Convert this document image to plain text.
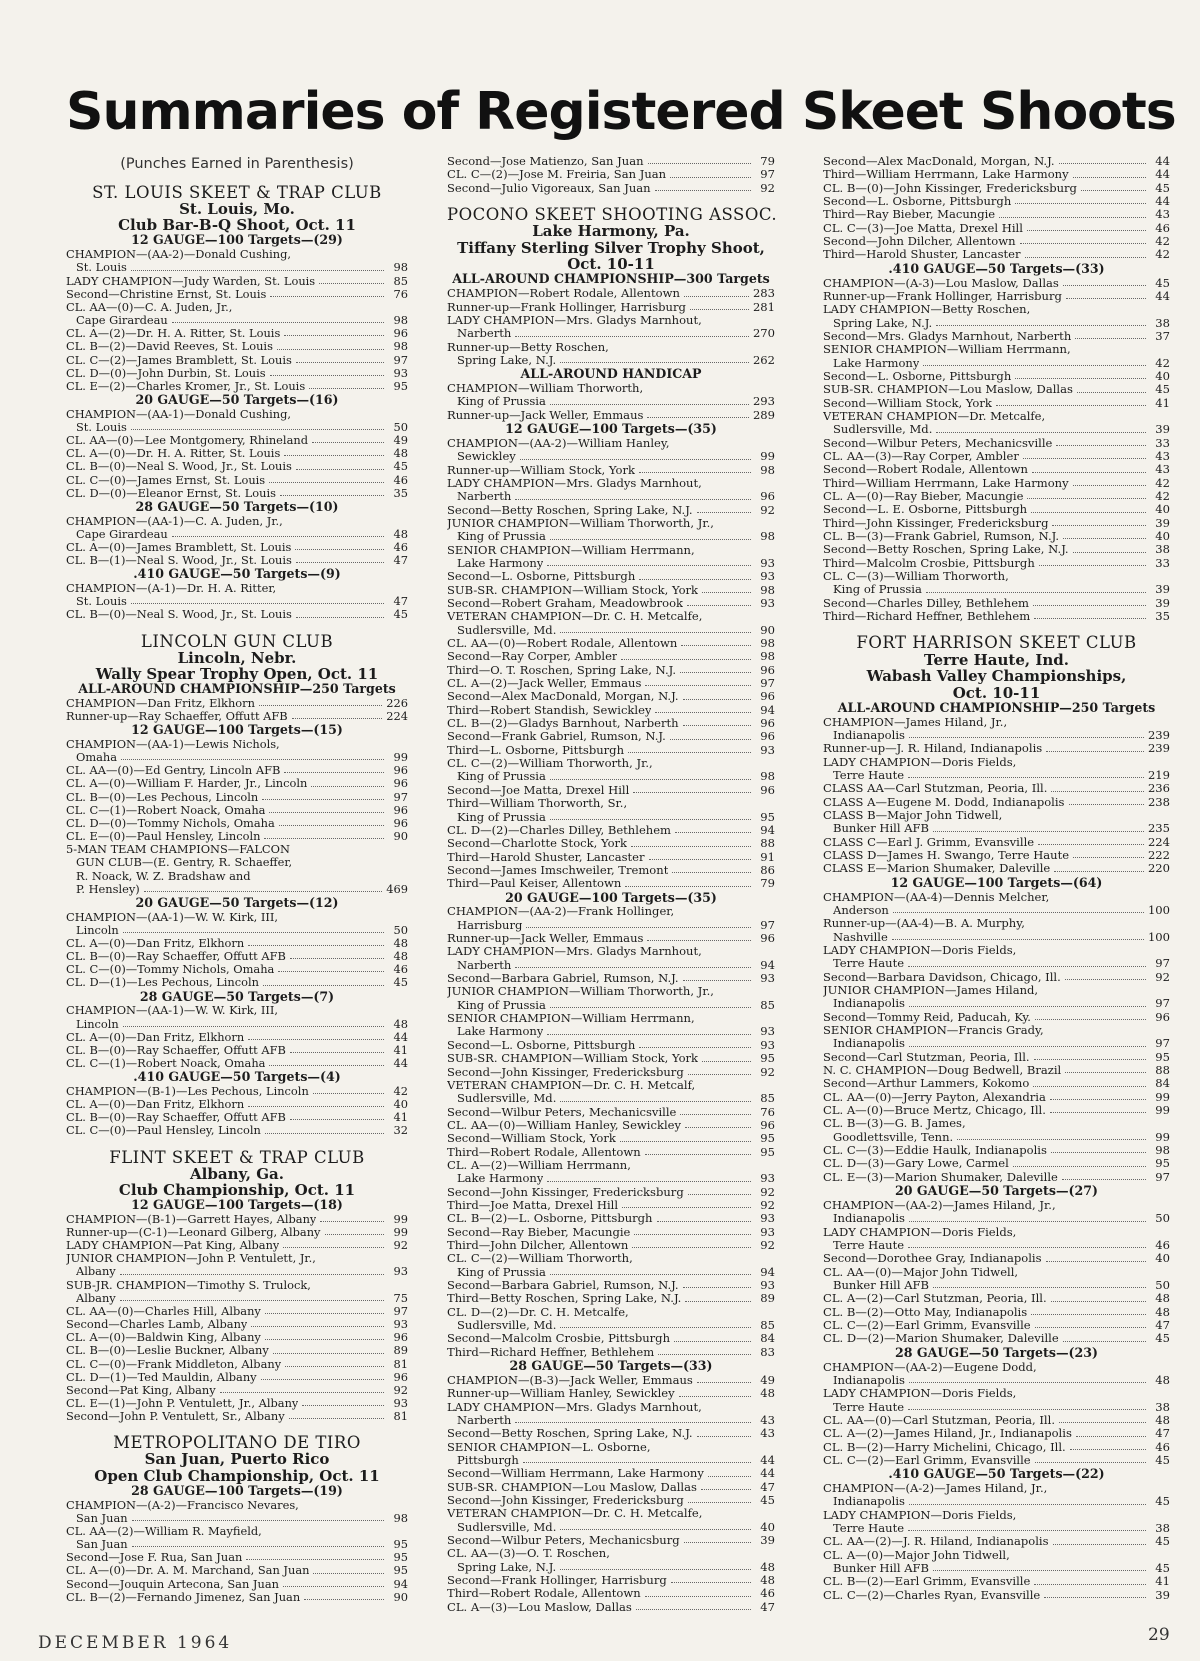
Summaries of Registered Skeet Shoots
(Punches Earned in Parenthesis)
ST. LOUIS SKEET & TRAP CLUB
St. Louis, Mo.
Club Bar-B-Q Shoot, Oct. 11
12 GAUGE—100 Targets—(29)
CHAMPION—(AA-2)—Donald Cushing,
St. Louis	98
LADY CHAMPION—Judy Warden, St. Louis	85
Second—Christine Ernst, St. Louis	76
CL. AA—(0)—C. A. Juden, Jr.,
Cape Girardeau	98
CL. A—(2)—Dr. H. A. Ritter, St. Louis	96
CL. B—(2)—David Reeves, St. Louis	98
CL. C—(2)—James Bramblett, St. Louis	97
CL. D—(0)—John Durbin, St. Louis	93
CL. E—(2)—Charles Kromer, Jr., St. Louis	95
20 GAUGE—50 Targets—(16)
CHAMPION—(AA-1)—Donald Cushing,
St. Louis	50
CL. AA—(0)—Lee Montgomery, Rhineland	49
CL. A—(0)—Dr. H. A. Ritter, St. Louis	48
CL. B—(0)—Neal S. Wood, Jr., St. Louis	45
CL. C—(0)—James Ernst, St. Louis	46
CL. D—(0)—Eleanor Ernst, St. Louis	35
28 GAUGE—50 Targets—(10)
CHAMPION—(AA-1)—C. A. Juden, Jr.,
Cape Girardeau	48
CL. A—(0)—James Bramblett, St. Louis	46
CL. B—(1)—Neal S. Wood, Jr., St. Louis	47
.410 GAUGE—50 Targets—(9)
CHAMPION—(A-1)—Dr. H. A. Ritter,
St. Louis	47
CL. B—(0)—Neal S. Wood, Jr., St. Louis	45
LINCOLN GUN CLUB
Lincoln, Nebr.
Wally Spear Trophy Open, Oct. 11
ALL-AROUND CHAMPIONSHIP—250 Targets
CHAMPION—Dan Fritz, Elkhorn	226
Runner-up—Ray Schaeffer, Offutt AFB	224
12 GAUGE—100 Targets—(15)
CHAMPION—(AA-1)—Lewis Nichols,
Omaha	99
CL. AA—(0)—Ed Gentry, Lincoln AFB	96
CL. A—(0)—William F. Harder, Jr., Lincoln	96
CL. B—(0)—Les Pechous, Lincoln	97
CL. C—(1)—Robert Noack, Omaha	96
CL. D—(0)—Tommy Nichols, Omaha	96
CL. E—(0)—Paul Hensley, Lincoln	90
5-MAN TEAM CHAMPIONS—FALCON
GUN CLUB—(E. Gentry, R. Schaeffer,
R. Noack, W. Z. Bradshaw and
P. Hensley)	469
20 GAUGE—50 Targets—(12)
CHAMPION—(AA-1)—W. W. Kirk, III,
Lincoln	50
CL. A—(0)—Dan Fritz, Elkhorn	48
CL. B—(0)—Ray Schaeffer, Offutt AFB	48
CL. C—(0)—Tommy Nichols, Omaha	46
CL. D—(1)—Les Pechous, Lincoln	45
28 GAUGE—50 Targets—(7)
CHAMPION—(AA-1)—W. W. Kirk, III,
Lincoln	48
CL. A—(0)—Dan Fritz, Elkhorn	44
CL. B—(0)—Ray Schaeffer, Offutt AFB	41
CL. C—(1)—Robert Noack, Omaha	44
.410 GAUGE—50 Targets—(4)
CHAMPION—(B-1)—Les Pechous, Lincoln	42
CL. A—(0)—Dan Fritz, Elkhorn	40
CL. B—(0)—Ray Schaeffer, Offutt AFB	41
CL. C—(0)—Paul Hensley, Lincoln	32
FLINT SKEET & TRAP CLUB
Albany, Ga.
Club Championship, Oct. 11
12 GAUGE—100 Targets—(18)
CHAMPION—(B-1)—Garrett Hayes, Albany	99
Runner-up—(C-1)—Leonard Gilberg, Albany	99
LADY CHAMPION—Pat King, Albany	92
JUNIOR CHAMPION—John P. Ventulett, Jr.,
Albany	93
SUB-JR. CHAMPION—Timothy S. Trulock,
Albany	75
CL. AA—(0)—Charles Hill, Albany	97
Second—Charles Lamb, Albany	93
CL. A—(0)—Baldwin King, Albany	96
CL. B—(0)—Leslie Buckner, Albany	89
CL. C—(0)—Frank Middleton, Albany	81
CL. D—(1)—Ted Mauldin, Albany	96
Second—Pat King, Albany	92
CL. E—(1)—John P. Ventulett, Jr., Albany	93
Second—John P. Ventulett, Sr., Albany	81
METROPOLITANO DE TIRO
San Juan, Puerto Rico
Open Club Championship, Oct. 11
28 GAUGE—100 Targets—(19)
CHAMPION—(A-2)—Francisco Nevares,
San Juan	98
CL. AA—(2)—William R. Mayfield,
San Juan	95
Second—Jose F. Rua, San Juan	95
CL. A—(0)—Dr. A. M. Marchand, San Juan	95
Second—Jouquin Artecona, San Juan	94
CL. B—(2)—Fernando Jimenez, San Juan	90
Second—Jose Matienzo, San Juan	79
CL. C—(2)—Jose M. Freiria, San Juan	97
Second—Julio Vigoreaux, San Juan	92
POCONO SKEET SHOOTING ASSOC.
Lake Harmony, Pa.
Tiffany Sterling Silver Trophy Shoot,
Oct. 10-11
ALL-AROUND CHAMPIONSHIP—300 Targets
CHAMPION—Robert Rodale, Allentown	283
Runner-up—Frank Hollinger, Harrisburg	281
LADY CHAMPION—Mrs. Gladys Marnhout,
Narberth	270
Runner-up—Betty Roschen,
Spring Lake, N.J.	262
ALL-AROUND HANDICAP
CHAMPION—William Thorworth,
King of Prussia	293
Runner-up—Jack Weller, Emmaus	289
12 GAUGE—100 Targets—(35)
CHAMPION—(AA-2)—William Hanley,
Sewickley	99
Runner-up—William Stock, York	98
LADY CHAMPION—Mrs. Gladys Marnhout,
Narberth	96
Second—Betty Roschen, Spring Lake, N.J.	92
JUNIOR CHAMPION—William Thorworth, Jr.,
King of Prussia	98
SENIOR CHAMPION—William Herrmann,
Lake Harmony	93
Second—L. Osborne, Pittsburgh	93
SUB-SR. CHAMPION—William Stock, York	98
Second—Robert Graham, Meadowbrook	93
VETERAN CHAMPION—Dr. C. H. Metcalfe,
Sudlersville, Md.	90
CL. AA—(0)—Robert Rodale, Allentown	98
Second—Ray Corper, Ambler	98
Third—O. T. Roschen, Spring Lake, N.J.	96
CL. A—(2)—Jack Weller, Emmaus	97
Second—Alex MacDonald, Morgan, N.J.	96
Third—Robert Standish, Sewickley	94
CL. B—(2)—Gladys Barnhout, Narberth	96
Second—Frank Gabriel, Rumson, N.J.	96
Third—L. Osborne, Pittsburgh	93
CL. C—(2)—William Thorworth, Jr.,
King of Prussia	98
Second—Joe Matta, Drexel Hill	96
Third—William Thorworth, Sr.,
King of Prussia	95
CL. D—(2)—Charles Dilley, Bethlehem	94
Second—Charlotte Stock, York	88
Third—Harold Shuster, Lancaster	91
Second—James Imschweiler, Tremont	86
Third—Paul Keiser, Allentown	79
20 GAUGE—100 Targets—(35)
CHAMPION—(AA-2)—Frank Hollinger,
Harrisburg	97
Runner-up—Jack Weller, Emmaus	96
LADY CHAMPION—Mrs. Gladys Marnhout,
Narberth	94
Second—Barbara Gabriel, Rumson, N.J.	93
JUNIOR CHAMPION—William Thorworth, Jr.,
King of Prussia	85
SENIOR CHAMPION—William Herrmann,
Lake Harmony	93
Second—L. Osborne, Pittsburgh	93
SUB-SR. CHAMPION—William Stock, York	95
Second—John Kissinger, Fredericksburg	92
VETERAN CHAMPION—Dr. C. H. Metcalf,
Sudlersville, Md.	85
Second—Wilbur Peters, Mechanicsville	76
CL. AA—(0)—William Hanley, Sewickley	96
Second—William Stock, York	95
Third—Robert Rodale, Allentown	95
CL. A—(2)—William Herrmann,
Lake Harmony	93
Second—John Kissinger, Fredericksburg	92
Third—Joe Matta, Drexel Hill	92
CL. B—(2)—L. Osborne, Pittsburgh	93
Second—Ray Bieber, Macungie	93
Third—John Dilcher, Allentown	92
CL. C—(2)—William Thorworth,
King of Prussia	94
Second—Barbara Gabriel, Rumson, N.J.	93
Third—Betty Roschen, Spring Lake, N.J.	89
CL. D—(2)—Dr. C. H. Metcalfe,
Sudlersville, Md.	85
Second—Malcolm Crosbie, Pittsburgh	84
Third—Richard Heffner, Bethlehem	83
28 GAUGE—50 Targets—(33)
CHAMPION—(B-3)—Jack Weller, Emmaus	49
Runner-up—William Hanley, Sewickley	48
LADY CHAMPION—Mrs. Gladys Marnhout,
Narberth	43
Second—Betty Roschen, Spring Lake, N.J.	43
SENIOR CHAMPION—L. Osborne,
Pittsburgh	44
Second—William Herrmann, Lake Harmony	44
SUB-SR. CHAMPION—Lou Maslow, Dallas	47
Second—John Kissinger, Fredericksburg	45
VETERAN CHAMPION—Dr. C. H. Metcalfe,
Sudlersville, Md.	40
Second—Wilbur Peters, Mechanicsburg	39
CL. AA—(3)—O. T. Roschen,
Spring Lake, N.J.	48
Second—Frank Hollinger, Harrisburg	48
Third—Robert Rodale, Allentown	46
CL. A—(3)—Lou Maslow, Dallas	47
Second—Alex MacDonald, Morgan, N.J.	44
Third—William Herrmann, Lake Harmony	44
CL. B—(0)—John Kissinger, Fredericksburg	45
Second—L. Osborne, Pittsburgh	44
Third—Ray Bieber, Macungie	43
CL. C—(3)—Joe Matta, Drexel Hill	46
Second—John Dilcher, Allentown	42
Third—Harold Shuster, Lancaster	42
.410 GAUGE—50 Targets—(33)
CHAMPION—(A-3)—Lou Maslow, Dallas	45
Runner-up—Frank Hollinger, Harrisburg	44
LADY CHAMPION—Betty Roschen,
Spring Lake, N.J.	38
Second—Mrs. Gladys Marnhout, Narberth	37
SENIOR CHAMPION—William Herrmann,
Lake Harmony	42
Second—L. Osborne, Pittsburgh	40
SUB-SR. CHAMPION—Lou Maslow, Dallas	45
Second—William Stock, York	41
VETERAN CHAMPION—Dr. Metcalfe,
Sudlersville, Md.	39
Second—Wilbur Peters, Mechanicsville	33
CL. AA—(3)—Ray Corper, Ambler	43
Second—Robert Rodale, Allentown	43
Third—William Herrmann, Lake Harmony	42
CL. A—(0)—Ray Bieber, Macungie	42
Second—L. E. Osborne, Pittsburgh	40
Third—John Kissinger, Fredericksburg	39
CL. B—(3)—Frank Gabriel, Rumson, N.J.	40
Second—Betty Roschen, Spring Lake, N.J.	38
Third—Malcolm Crosbie, Pittsburgh	33
CL. C—(3)—William Thorworth,
King of Prussia	39
Second—Charles Dilley, Bethlehem	39
Third—Richard Heffner, Bethlehem	35
FORT HARRISON SKEET CLUB
Terre Haute, Ind.
Wabash Valley Championships,
Oct. 10-11
ALL-AROUND CHAMPIONSHIP—250 Targets
CHAMPION—James Hiland, Jr.,
Indianapolis	239
Runner-up—J. R. Hiland, Indianapolis	239
LADY CHAMPION—Doris Fields,
Terre Haute	219
CLASS AA—Carl Stutzman, Peoria, Ill.	236
CLASS A—Eugene M. Dodd, Indianapolis	238
CLASS B—Major John Tidwell,
Bunker Hill AFB	235
CLASS C—Earl J. Grimm, Evansville	224
CLASS D—James H. Swango, Terre Haute	222
CLASS E—Marion Shumaker, Daleville	220
12 GAUGE—100 Targets—(64)
CHAMPION—(AA-4)—Dennis Melcher,
Anderson	100
Runner-up—(AA-4)—B. A. Murphy,
Nashville	100
LADY CHAMPION—Doris Fields,
Terre Haute	97
Second—Barbara Davidson, Chicago, Ill.	92
JUNIOR CHAMPION—James Hiland,
Indianapolis	97
Second—Tommy Reid, Paducah, Ky.	96
SENIOR CHAMPION—Francis Grady,
Indianapolis	97
Second—Carl Stutzman, Peoria, Ill.	95
N. C. CHAMPION—Doug Bedwell, Brazil	88
Second—Arthur Lammers, Kokomo	84
CL. AA—(0)—Jerry Payton, Alexandria	99
CL. A—(0)—Bruce Mertz, Chicago, Ill.	99
CL. B—(3)—G. B. James,
Goodlettsville, Tenn.	99
CL. C—(3)—Eddie Haulk, Indianapolis	98
CL. D—(3)—Gary Lowe, Carmel	95
CL. E—(3)—Marion Shumaker, Daleville	97
20 GAUGE—50 Targets—(27)
CHAMPION—(AA-2)—James Hiland, Jr.,
Indianapolis	50
LADY CHAMPION—Doris Fields,
Terre Haute	46
Second—Dorothee Gray, Indianapolis	40
CL. AA—(0)—Major John Tidwell,
Bunker Hill AFB	50
CL. A—(2)—Carl Stutzman, Peoria, Ill.	48
CL. B—(2)—Otto May, Indianapolis	48
CL. C—(2)—Earl Grimm, Evansville	47
CL. D—(2)—Marion Shumaker, Daleville	45
28 GAUGE—50 Targets—(23)
CHAMPION—(AA-2)—Eugene Dodd,
Indianapolis	48
LADY CHAMPION—Doris Fields,
Terre Haute	38
CL. AA—(0)—Carl Stutzman, Peoria, Ill.	48
CL. A—(2)—James Hiland, Jr., Indianapolis	47
CL. B—(2)—Harry Michelini, Chicago, Ill.	46
CL. C—(2)—Earl Grimm, Evansville	45
.410 GAUGE—50 Targets—(22)
CHAMPION—(A-2)—James Hiland, Jr.,
Indianapolis	45
LADY CHAMPION—Doris Fields,
Terre Haute	38
CL. AA—(2)—J. R. Hiland, Indianapolis	45
CL. A—(0)—Major John Tidwell,
Bunker Hill AFB	45
CL. B—(2)—Earl Grimm, Evansville	41
CL. C—(2)—Charles Ryan, Evansville	39
DECEMBER 1964	29
